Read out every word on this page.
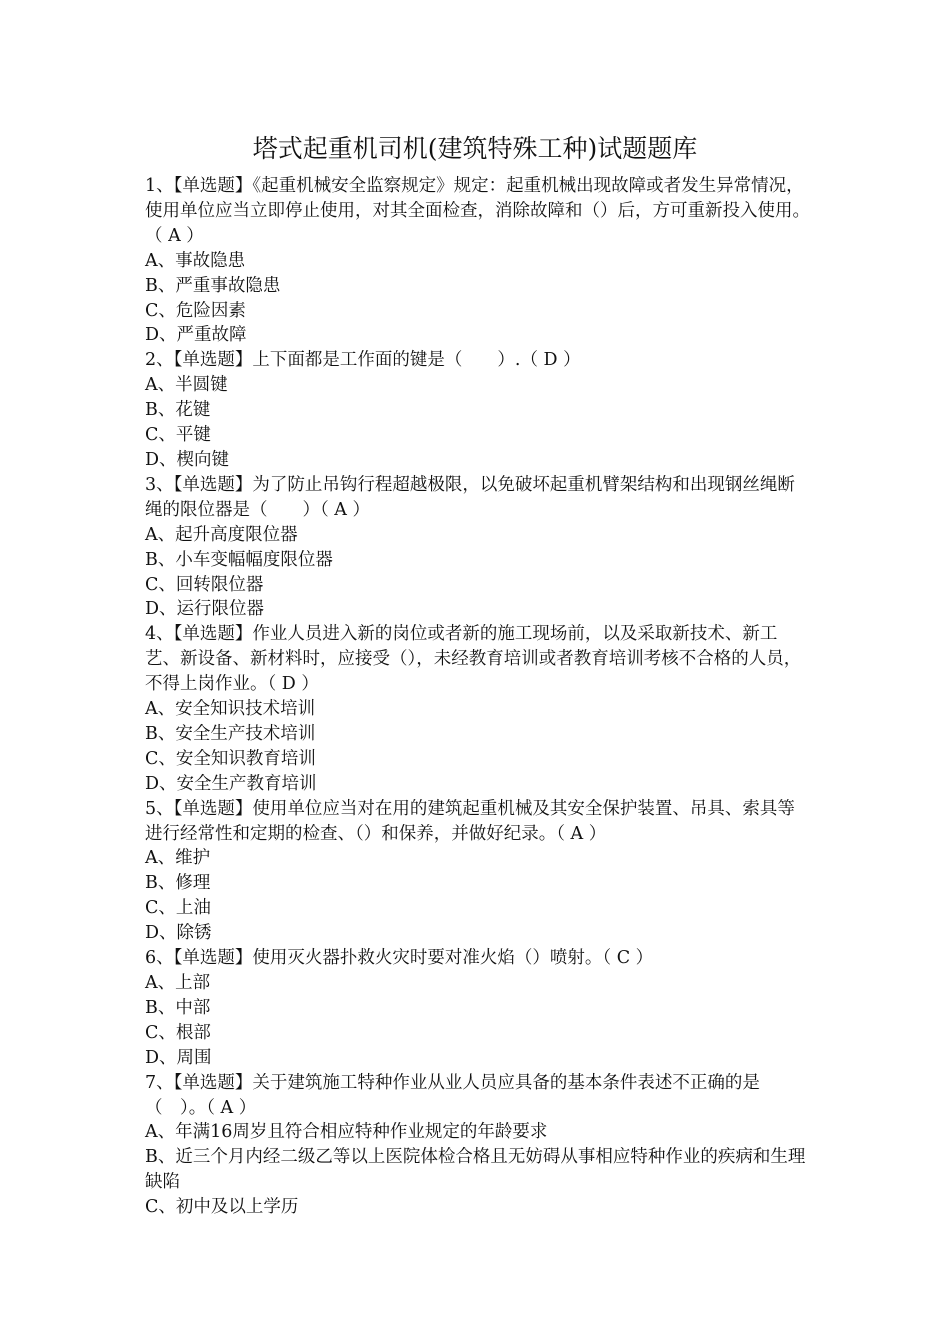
塔式起重机司机(建筑特殊工种)试题题库
1、【单选题】《起重机械安全监察规定》规定：起重机械出现故障或者发生异常情况，使用单位应当立即停止使用，对其全面检查，消除故障和（）后，方可重新投入使用。（ A ）
A、事故隐患
B、严重事故隐患
C、危险因素
D、严重故障
2、【单选题】上下面都是工作面的键是（　　）.（ D ）
A、半圆键
B、花键
C、平键
D、楔向键
3、【单选题】为了防止吊钩行程超越极限，以免破坏起重机臂架结构和出现钢丝绳断绳的限位器是（　　）（ A ）
A、起升高度限位器
B、小车变幅幅度限位器
C、回转限位器
D、运行限位器
4、【单选题】作业人员进入新的岗位或者新的施工现场前，以及采取新技术、新工艺、新设备、新材料时，应接受（），未经教育培训或者教育培训考核不合格的人员，不得上岗作业。（ D ）
A、安全知识技术培训
B、安全生产技术培训
C、安全知识教育培训
D、安全生产教育培训
5、【单选题】使用单位应当对在用的建筑起重机械及其安全保护装置、吊具、索具等进行经常性和定期的检查、（）和保养，并做好纪录。（ A ）
A、维护
B、修理
C、上油
D、除锈
6、【单选题】使用灭火器扑救火灾时要对准火焰（）喷射。（ C ）
A、上部
B、中部
C、根部
D、周围
7、【单选题】关于建筑施工特种作业从业人员应具备的基本条件表述不正确的是（　）。（ A ）
A、年满16周岁且符合相应特种作业规定的年龄要求
B、近三个月内经二级乙等以上医院体检合格且无妨碍从事相应特种作业的疾病和生理缺陷
C、初中及以上学历
